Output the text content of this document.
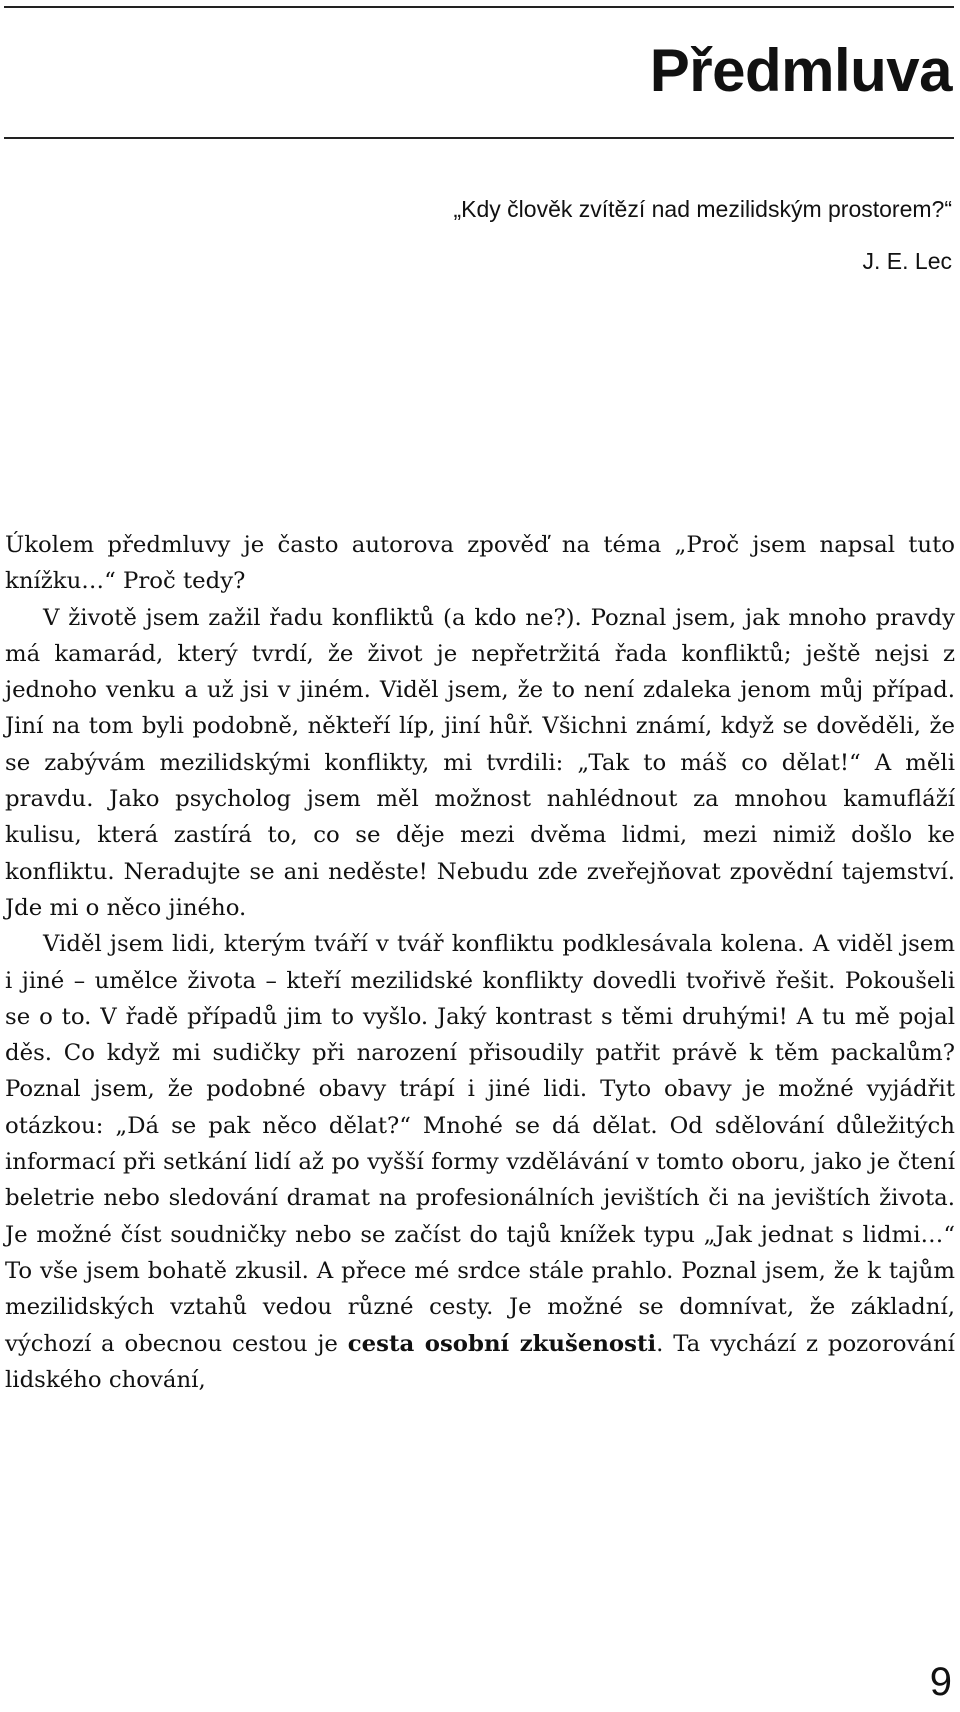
Předmluva

„Kdy člověk zvítězí nad mezilidským prostorem?“

J. E. Lec

Úkolem předmluvy je často autorova zpověď na téma „Proč jsem napsal tuto knížku…“ Proč tedy?

V životě jsem zažil řadu konfliktů (a kdo ne?). Poznal jsem, jak mnoho pravdy má kamarád, který tvrdí, že život je nepřetržitá řada konfliktů; ještě nejsi z jednoho venku a už jsi v jiném. Viděl jsem, že to není zdaleka jenom můj případ. Jiní na tom byli podobně, někteří líp, jiní hůř. Všichni známí, když se dověděli, že se zabývám mezilidskými konflikty, mi tvrdili: „Tak to máš co dělat!“ A měli pravdu. Jako psycholog jsem měl možnost nahlédnout za mnohou kamufláží kulisu, která zastírá to, co se děje mezi dvěma lidmi, mezi nimiž došlo ke konfliktu. Neradujte se ani neděste! Nebudu zde zveřejňovat zpovědní tajemství. Jde mi o něco jiného.

Viděl jsem lidi, kterým tváří v tvář konfliktu podklesávala kolena. A viděl jsem i jiné – umělce života – kteří mezilidské konflikty dovedli tvořivě řešit. Pokoušeli se o to. V řadě případů jim to vyšlo. Jaký kontrast s těmi druhými! A tu mě pojal děs. Co když mi sudičky při narození přisoudily patřit právě k těm packalům? Poznal jsem, že podobné obavy trápí i jiné lidi. Tyto obavy je možné vyjádřit otázkou: „Dá se pak něco dělat?“ Mnohé se dá dělat. Od sdělování důležitých informací při setkání lidí až po vyšší formy vzdělávání v tomto oboru, jako je čtení beletrie nebo sledování dramat na profesionálních jevištích či na jevištích života. Je možné číst soudničky nebo se začíst do tajů knížek typu „Jak jednat s lidmi…“ To vše jsem bohatě zkusil. A přece mé srdce stále prahlo. Poznal jsem, že k tajům mezilidských vztahů vedou různé cesty. Je možné se domnívat, že základní, výchozí a obecnou cestou je cesta osobní zkušenosti. Ta vychází z pozorování lidského chování,

9
